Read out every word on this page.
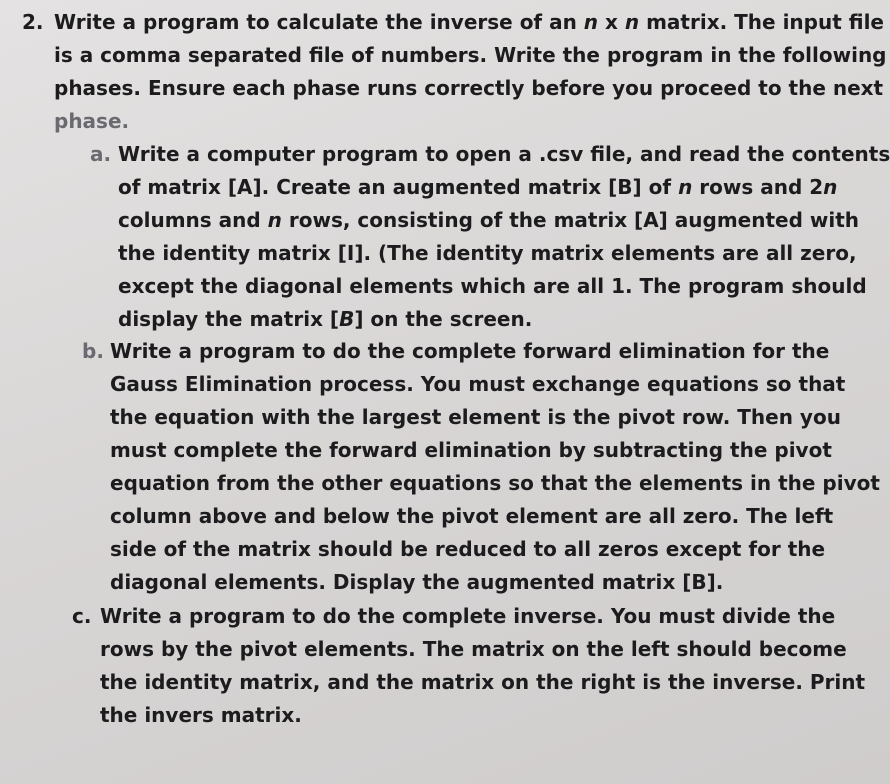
2. Write a program to calculate the inverse of an n x n matrix. The input file
is a comma separated file of numbers. Write the program in the following
phases. Ensure each phase runs correctly before you proceed to the next
phase.
a. Write a computer program to open a .csv file, and read the contents
of matrix [A]. Create an augmented matrix [B] of n rows and 2n
columns and n rows, consisting of the matrix [A] augmented with
the identity matrix [I]. (The identity matrix elements are all zero,
except the diagonal elements which are all 1. The program should
display the matrix [B] on the screen.
b. Write a program to do the complete forward elimination for the
Gauss Elimination process. You must exchange equations so that
the equation with the largest element is the pivot row. Then you
must complete the forward elimination by subtracting the pivot
equation from the other equations so that the elements in the pivot
column above and below the pivot element are all zero. The left
side of the matrix should be reduced to all zeros except for the
diagonal elements. Display the augmented matrix [B].
c. Write a program to do the complete inverse. You must divide the
rows by the pivot elements. The matrix on the left should become
the identity matrix, and the matrix on the right is the inverse. Print
the invers matrix.
